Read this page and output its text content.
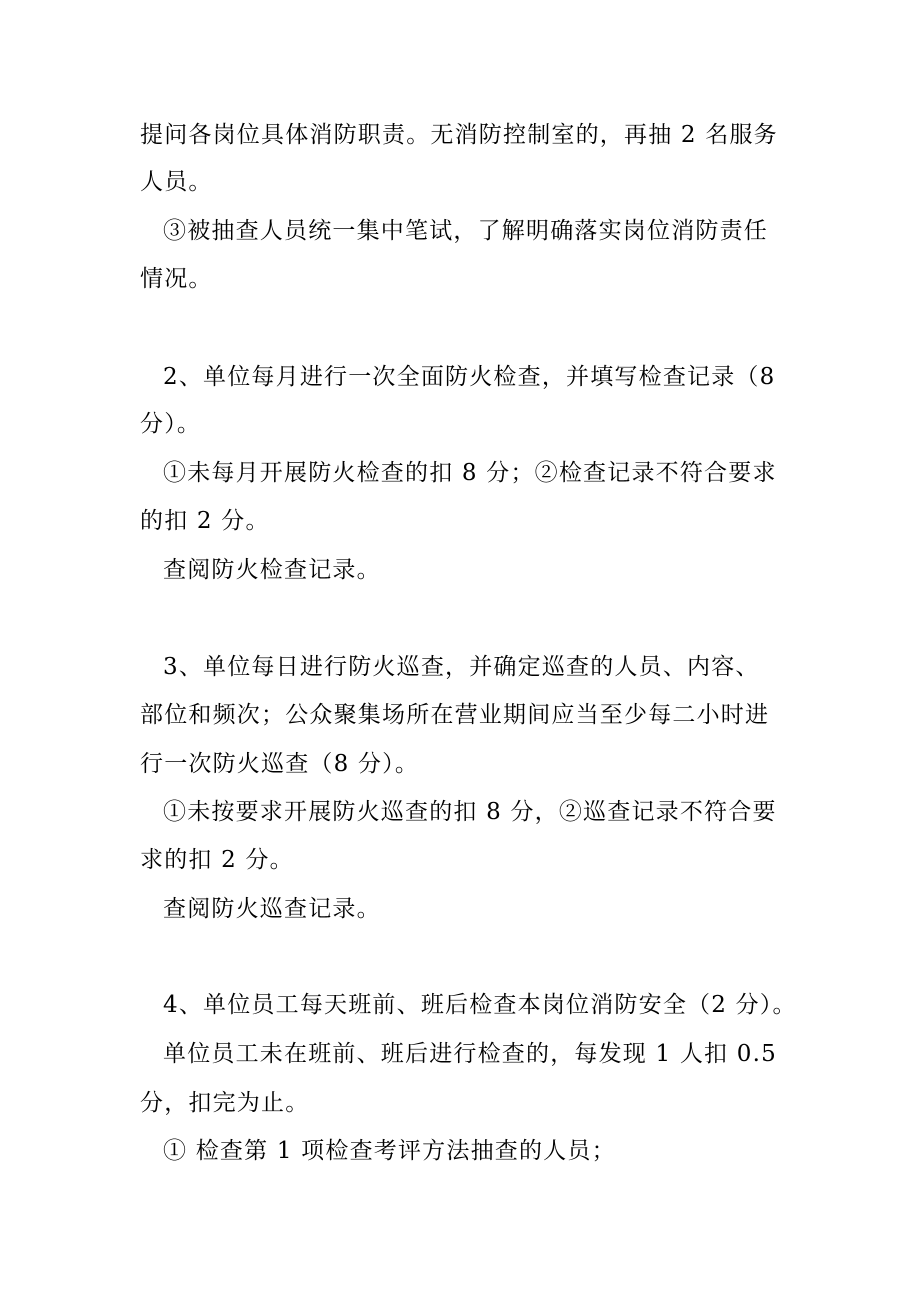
提问各岗位具体消防职责。无消防控制室的，再抽 2 名服务
人员。
③被抽查人员统一集中笔试，了解明确落实岗位消防责任
情况。
2、单位每月进行一次全面防火检查，并填写检查记录（8
分）。
①未每月开展防火检查的扣 8 分；②检查记录不符合要求
的扣 2 分。
查阅防火检查记录。
3、单位每日进行防火巡查，并确定巡查的人员、内容、
部位和频次；公众聚集场所在营业期间应当至少每二小时进
行一次防火巡查（8 分）。
①未按要求开展防火巡查的扣 8 分，②巡查记录不符合要
求的扣 2 分。
查阅防火巡查记录。
4、单位员工每天班前、班后检查本岗位消防安全（2 分）。
单位员工未在班前、班后进行检查的，每发现 1 人扣 0.5
分，扣完为止。
① 检查第 1 项检查考评方法抽查的人员；
